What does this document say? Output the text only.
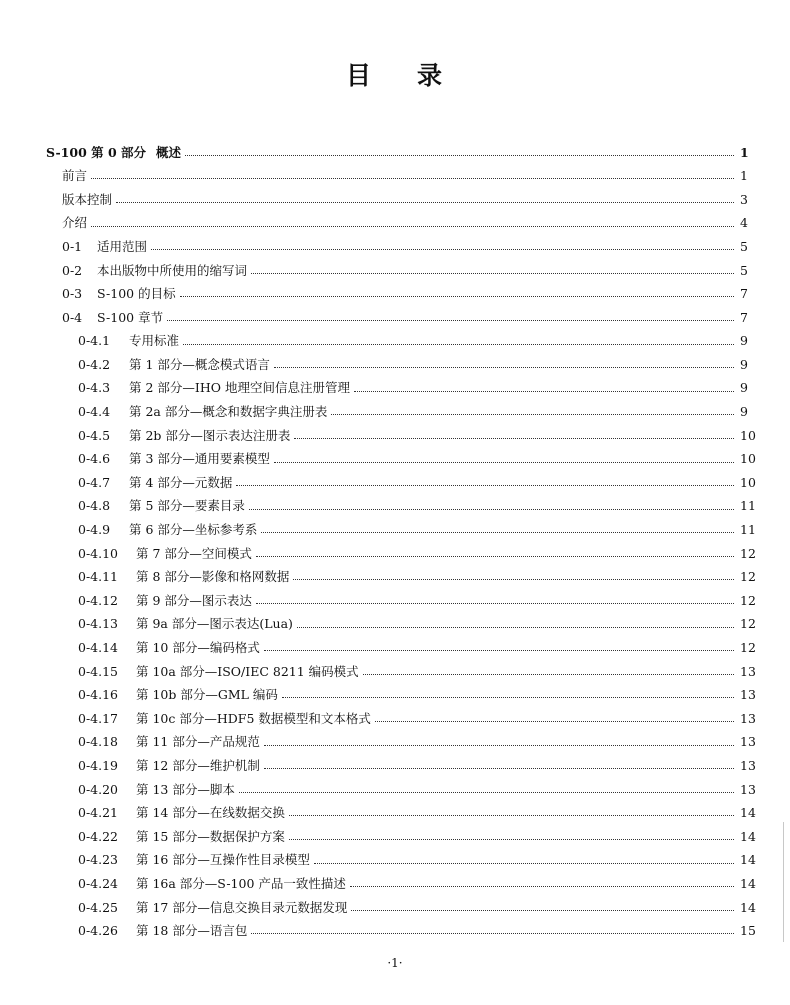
目 录
S-100 第 0 部分 概述	1
前言	1
版本控制	3
介绍	4
0-1	适用范围	5
0-2	本出版物中所使用的缩写词	5
0-3	S-100 的目标	7
0-4	S-100 章节	7
0-4.1	专用标准	9
0-4.2	第 1 部分—概念模式语言	9
0-4.3	第 2 部分—IHO 地理空间信息注册管理	9
0-4.4	第 2a 部分—概念和数据字典注册表	9
0-4.5	第 2b 部分—图示表达注册表	10
0-4.6	第 3 部分—通用要素模型	10
0-4.7	第 4 部分—元数据	10
0-4.8	第 5 部分—要素目录	11
0-4.9	第 6 部分—坐标参考系	11
0-4.10	第 7 部分—空间模式	12
0-4.11	第 8 部分—影像和格网数据	12
0-4.12	第 9 部分—图示表达	12
0-4.13	第 9a 部分—图示表达(Lua)	12
0-4.14	第 10 部分—编码格式	12
0-4.15	第 10a 部分—ISO/IEC 8211 编码模式	13
0-4.16	第 10b 部分—GML 编码	13
0-4.17	第 10c 部分—HDF5 数据模型和文本格式	13
0-4.18	第 11 部分—产品规范	13
0-4.19	第 12 部分—维护机制	13
0-4.20	第 13 部分—脚本	13
0-4.21	第 14 部分—在线数据交换	14
0-4.22	第 15 部分—数据保护方案	14
0-4.23	第 16 部分—互操作性目录模型	14
0-4.24	第 16a 部分—S-100 产品一致性描述	14
0-4.25	第 17 部分—信息交换目录元数据发现	14
0-4.26	第 18 部分—语言包	15
·1·
